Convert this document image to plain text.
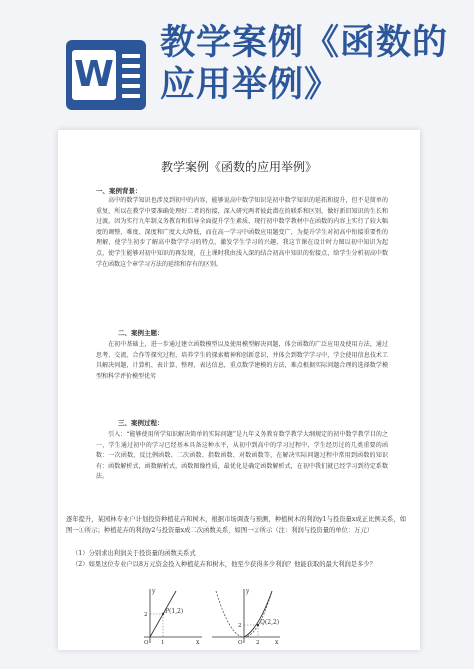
W
教学案例《函数的应用举例》
教学案例《函数的应用举例》
一、案例背景：

高中的数学知识也涉及到初中的内容，能够说高中数学知识是初中数学知识的延拓和提升，但不是简单的重复，所以在教学中要准确处理好二者的衔接，深入研究两者彼此潜在的联系和区别，做好新旧知识的生长和过渡。因为实行九年制义务教育和倡导全面提升学生素质，现行初中数学教材中在函数的内容上实行了较大幅度的调整，难度、深度和广度大大降低，而在高一学习中函数应用题变广，为提升学生对初高中衔接重要性的理解，使学生初步了解高中数学学习的特点，激发学生学习的兴趣，我这节课在设计时力图以初中知识为起点，使学生能够对初中知识的再发现，在上课时我由浅入深的结合初高中知识的衔接点，给学生分析初高中数学在函数这个章学习方法的延续和存有的区别。

二、案例主题：

在初中基础上，进一步通过建立函数模型以及使用模型解决问题，体会函数的广泛应用及使用方法，通过思考、交流、合作等探究过程，培养学生的探索精神和创新意识，并体会到数学学习中，学会使用信息技术工具解决问题，计算机、表计算、整理、表达信息，重点数学建模的方法，难点根据实际问题合理的选择数学模型和科学评价模型优劣

三、案例过程：

引入：“能够使用所学知识解决简单的实际问题”是九年义务教育数学教学大纲规定的初中数学教学目的之一，学生通过初中的学习已经基本具备这种水平，从初中到高中的学习过程中，学生经历过的几类重要的函数：一次函数、反比例函数、二次函数、指数函数、对数函数等，在解决实际问题过程中常用到函数的知识有：函数解析式，函数解析式，函数图像性质，最优化是确定函数解析式，在初中我们就已经学习到待定系数法。

逐年提升，某园林专业户计划投资种植花卉和树木，根据市场调查与预测，种植树木的利润y1与投资量x成正比例关系，如图一①所示；种植花卉的利润y2与投资量x成二次函数关系，如图一②所示（注：利润与投资量的单位：万元）

（1）分别求出利润关于投资量的函数关系式

（2）如果这位专业户以8万元资金投入种植花卉和树木，他至少获得多少利润？他能获取的最大利润是多少？

y
x
P(1,2)
2
1
O
y
x
Q(2,2)
2
2
O
